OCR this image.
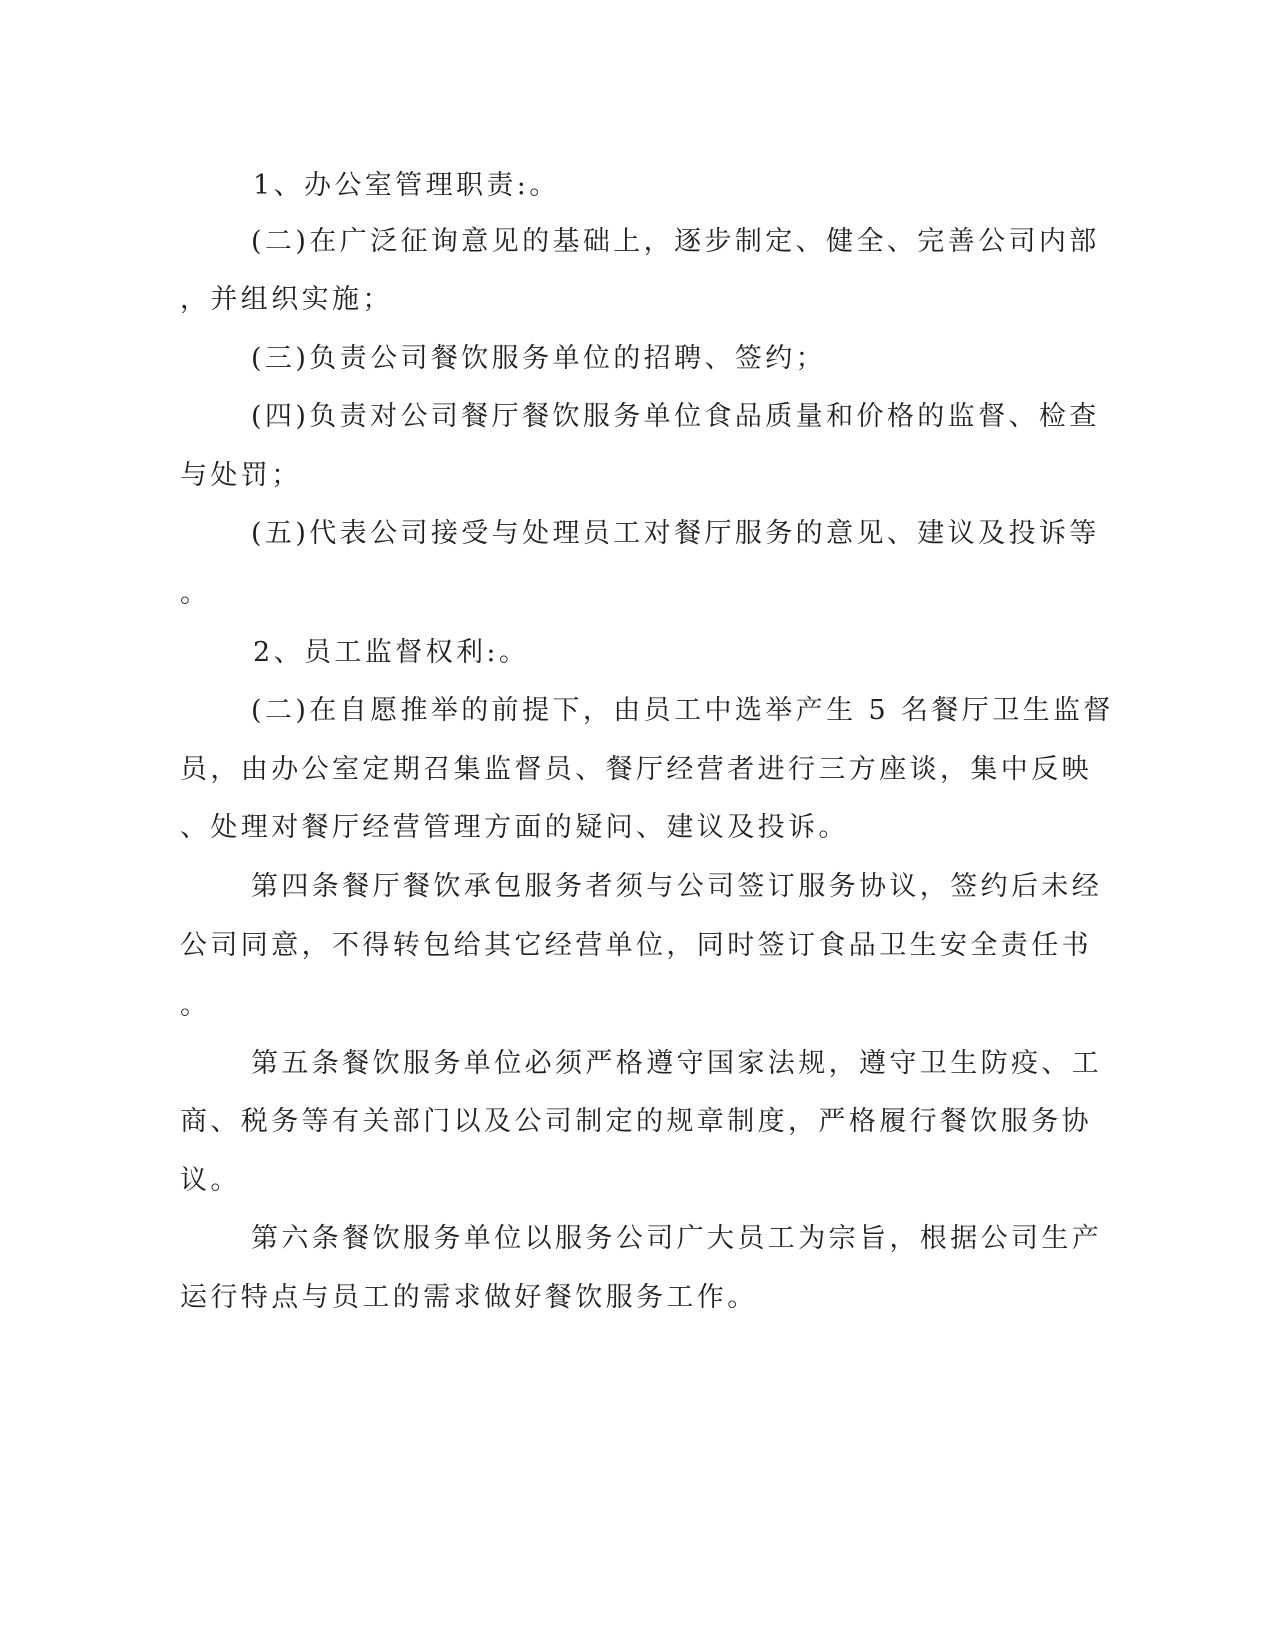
1、办公室管理职责:。

(二)在广泛征询意见的基础上，逐步制定、健全、完善公司内部

，并组织实施；

(三)负责公司餐饮服务单位的招聘、签约；

(四)负责对公司餐厅餐饮服务单位食品质量和价格的监督、检查

与处罚；

(五)代表公司接受与处理员工对餐厅服务的意见、建议及投诉等

。

2、员工监督权利:。

(二)在自愿推举的前提下，由员工中选举产生 5 名餐厅卫生监督

员，由办公室定期召集监督员、餐厅经营者进行三方座谈，集中反映

、处理对餐厅经营管理方面的疑问、建议及投诉。

第四条餐厅餐饮承包服务者须与公司签订服务协议，签约后未经

公司同意，不得转包给其它经营单位，同时签订食品卫生安全责任书

。

第五条餐饮服务单位必须严格遵守国家法规，遵守卫生防疫、工

商、税务等有关部门以及公司制定的规章制度，严格履行餐饮服务协

议。

第六条餐饮服务单位以服务公司广大员工为宗旨，根据公司生产

运行特点与员工的需求做好餐饮服务工作。
